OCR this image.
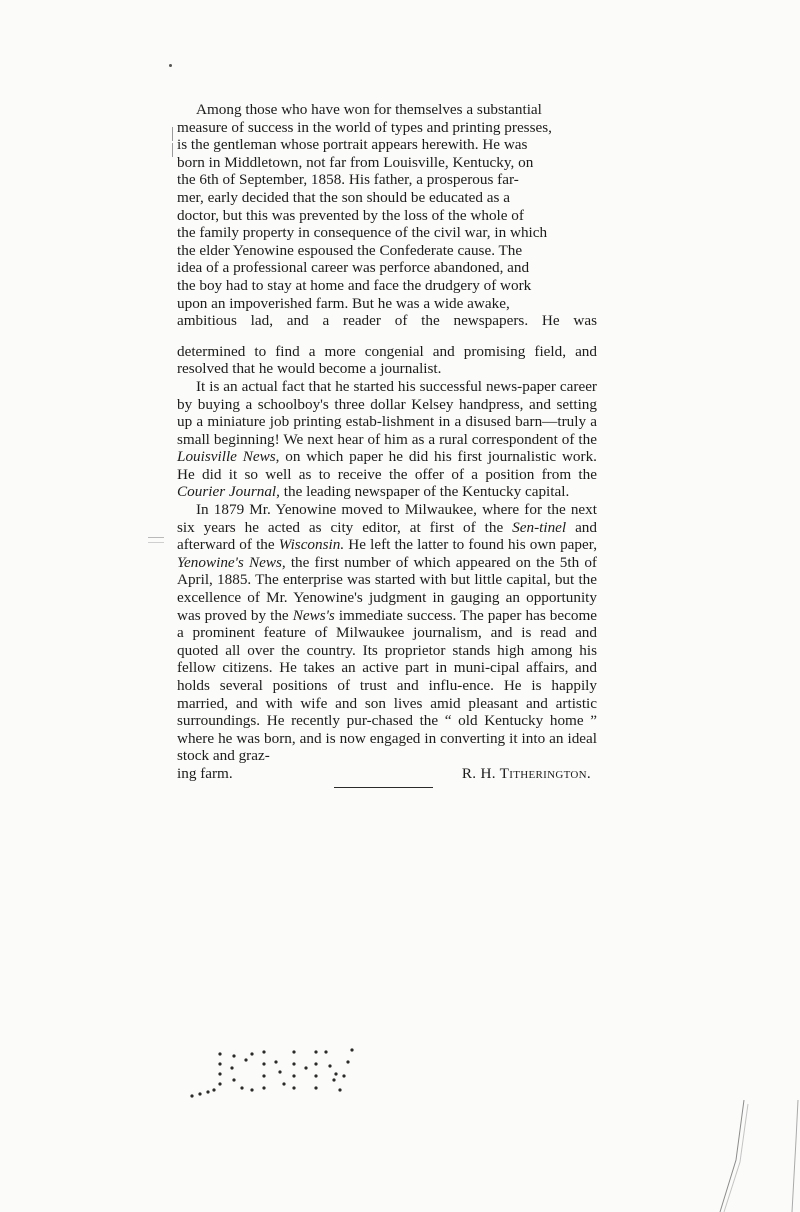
Among those who have won for themselves a substantial
measure of success in the world of types and printing presses,
is the gentleman whose portrait appears herewith. He was
born in Middletown, not far from Louisville, Kentucky, on
the 6th of September, 1858. His father, a prosperous far-
mer, early decided that the son should be educated as a
doctor, but this was prevented by the loss of the whole of
the family property in consequence of the civil war, in which
the elder Yenowine espoused the Confederate cause. The
idea of a professional career was perforce abandoned, and
the boy had to stay at home and face the drudgery of work
upon an impoverished farm. But he was a wide awake,
ambitious lad, and a reader of the newspapers. He was

determined to find a more congenial and promising field, and resolved that he would become a journalist.

It is an actual fact that he started his successful news-paper career by buying a schoolboy's three dollar Kelsey handpress, and setting up a miniature job printing estab-lishment in a disused barn—truly a small beginning! We next hear of him as a rural correspondent of the Louisville News, on which paper he did his first journalistic work. He did it so well as to receive the offer of a position from the Courier Journal, the leading newspaper of the Kentucky capital.

In 1879 Mr. Yenowine moved to Milwaukee, where for the next six years he acted as city editor, at first of the Sen-tinel and afterward of the Wisconsin. He left the latter to found his own paper, Yenowine's News, the first number of which appeared on the 5th of April, 1885. The enterprise was started with but little capital, but the excellence of Mr. Yenowine's judgment in gauging an opportunity was proved by the News's immediate success. The paper has become a prominent feature of Milwaukee journalism, and is read and quoted all over the country. Its proprietor stands high among his fellow citizens. He takes an active part in muni-cipal affairs, and holds several positions of trust and influ-ence. He is happily married, and with wife and son lives amid pleasant and artistic surroundings. He recently pur-chased the “ old Kentucky home ” where he was born, and is now engaged in converting it into an ideal stock and graz-

ing farm.	R. H. Titherington.
